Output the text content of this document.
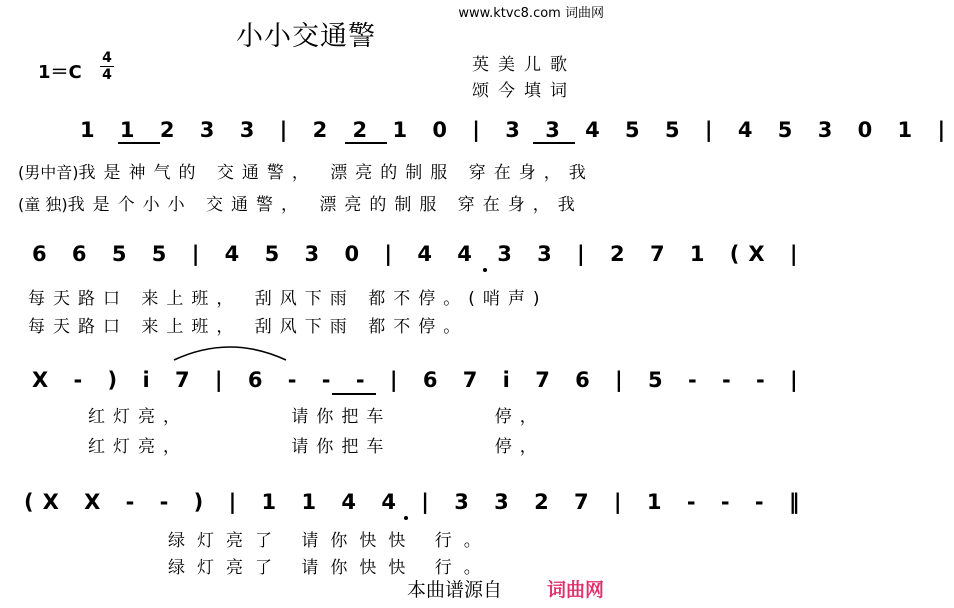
www.ktvc8.com 词曲网
小小交通警
1＝C
4
4	英美儿歌
颂今填词
1 1 2 3 3 | 2 2 1 0 | 3 3 4 5 5 | 4 5 3 0 1 |
(男中音)我是神气的 交通警， 漂亮的制服 穿在身，我
(童 独)我是个小小 交通警， 漂亮的制服 穿在身，我
6 6 5 5 | 4 5 3 0 | 4 4 3 3 | 2 7 1 (X |
每天路口 来上班， 刮风下雨 都不停。(哨声)
每天路口 来上班， 刮风下雨 都不停。
X - ) i 7 | 6 - - - | 6 7 i 7 6 | 5 - - - |
红灯亮， 请你把车 停，
红灯亮， 请你把车 停，
(X X - - ) | 1 1 4 4 | 3 3 2 7 | 1 - - - ‖
绿灯亮了 请你快快 行。
绿灯亮了 请你快快 行。
本曲谱源自 词曲网
